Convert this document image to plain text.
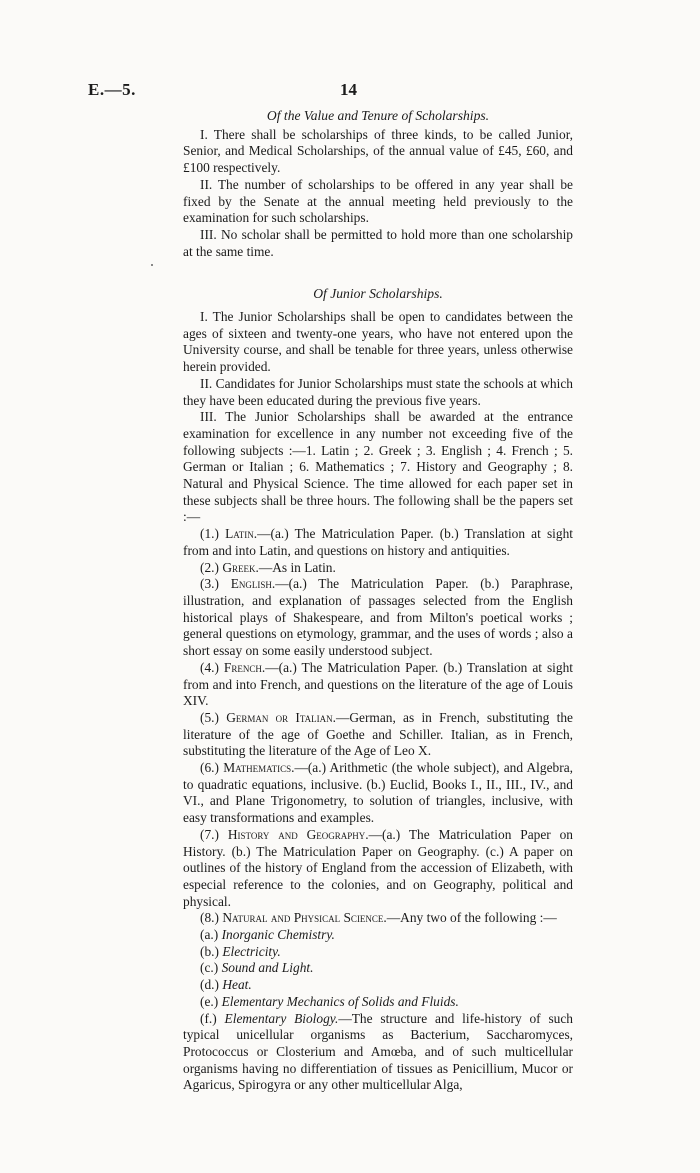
E.—5.	14
Of the Value and Tenure of Scholarships.

I. There shall be scholarships of three kinds, to be called Junior, Senior, and Medical Scholarships, of the annual value of £45, £60, and £100 respectively.

II. The number of scholarships to be offered in any year shall be fixed by the Senate at the annual meeting held previously to the examination for such scholarships.

III. No scholar shall be permitted to hold more than one scholarship at the same time.

Of Junior Scholarships.

I. The Junior Scholarships shall be open to candidates between the ages of sixteen and twenty-one years, who have not entered upon the University course, and shall be tenable for three years, unless otherwise herein provided.

II. Candidates for Junior Scholarships must state the schools at which they have been educated during the previous five years.

III. The Junior Scholarships shall be awarded at the entrance examination for excellence in any number not exceeding five of the following subjects :—1. Latin ; 2. Greek ; 3. English ; 4. French ; 5. German or Italian ; 6. Mathematics ; 7. History and Geography ; 8. Natural and Physical Science. The time allowed for each paper set in these subjects shall be three hours. The following shall be the papers set :—

(1.) Latin.—(a.) The Matriculation Paper. (b.) Translation at sight from and into Latin, and questions on history and antiquities.

(2.) Greek.—As in Latin.

(3.) English.—(a.) The Matriculation Paper. (b.) Paraphrase, illustration, and explanation of passages selected from the English historical plays of Shakespeare, and from Milton's poetical works ; general questions on etymology, grammar, and the uses of words ; also a short essay on some easily understood subject.

(4.) French.—(a.) The Matriculation Paper. (b.) Translation at sight from and into French, and questions on the literature of the age of Louis XIV.

(5.) German or Italian.—German, as in French, substituting the literature of the age of Goethe and Schiller. Italian, as in French, substituting the literature of the Age of Leo X.

(6.) Mathematics.—(a.) Arithmetic (the whole subject), and Algebra, to quadratic equations, inclusive. (b.) Euclid, Books I., II., III., IV., and VI., and Plane Trigonometry, to solution of triangles, inclusive, with easy transformations and examples.

(7.) History and Geography.—(a.) The Matriculation Paper on History. (b.) The Matriculation Paper on Geography. (c.) A paper on outlines of the history of England from the accession of Elizabeth, with especial reference to the colonies, and on Geography, political and physical.

(8.) Natural and Physical Science.—Any two of the following :—

(a.) Inorganic Chemistry.
(b.) Electricity.
(c.) Sound and Light.
(d.) Heat.
(e.) Elementary Mechanics of Solids and Fluids.

(f.) Elementary Biology.—The structure and life-history of such typical unicellular organisms as Bacterium, Saccharomyces, Protococcus or Closterium and Amœba, and of such multicellular organisms having no differentiation of tissues as Penicillium, Mucor or Agaricus, Spirogyra or any other multicellular Alga,
